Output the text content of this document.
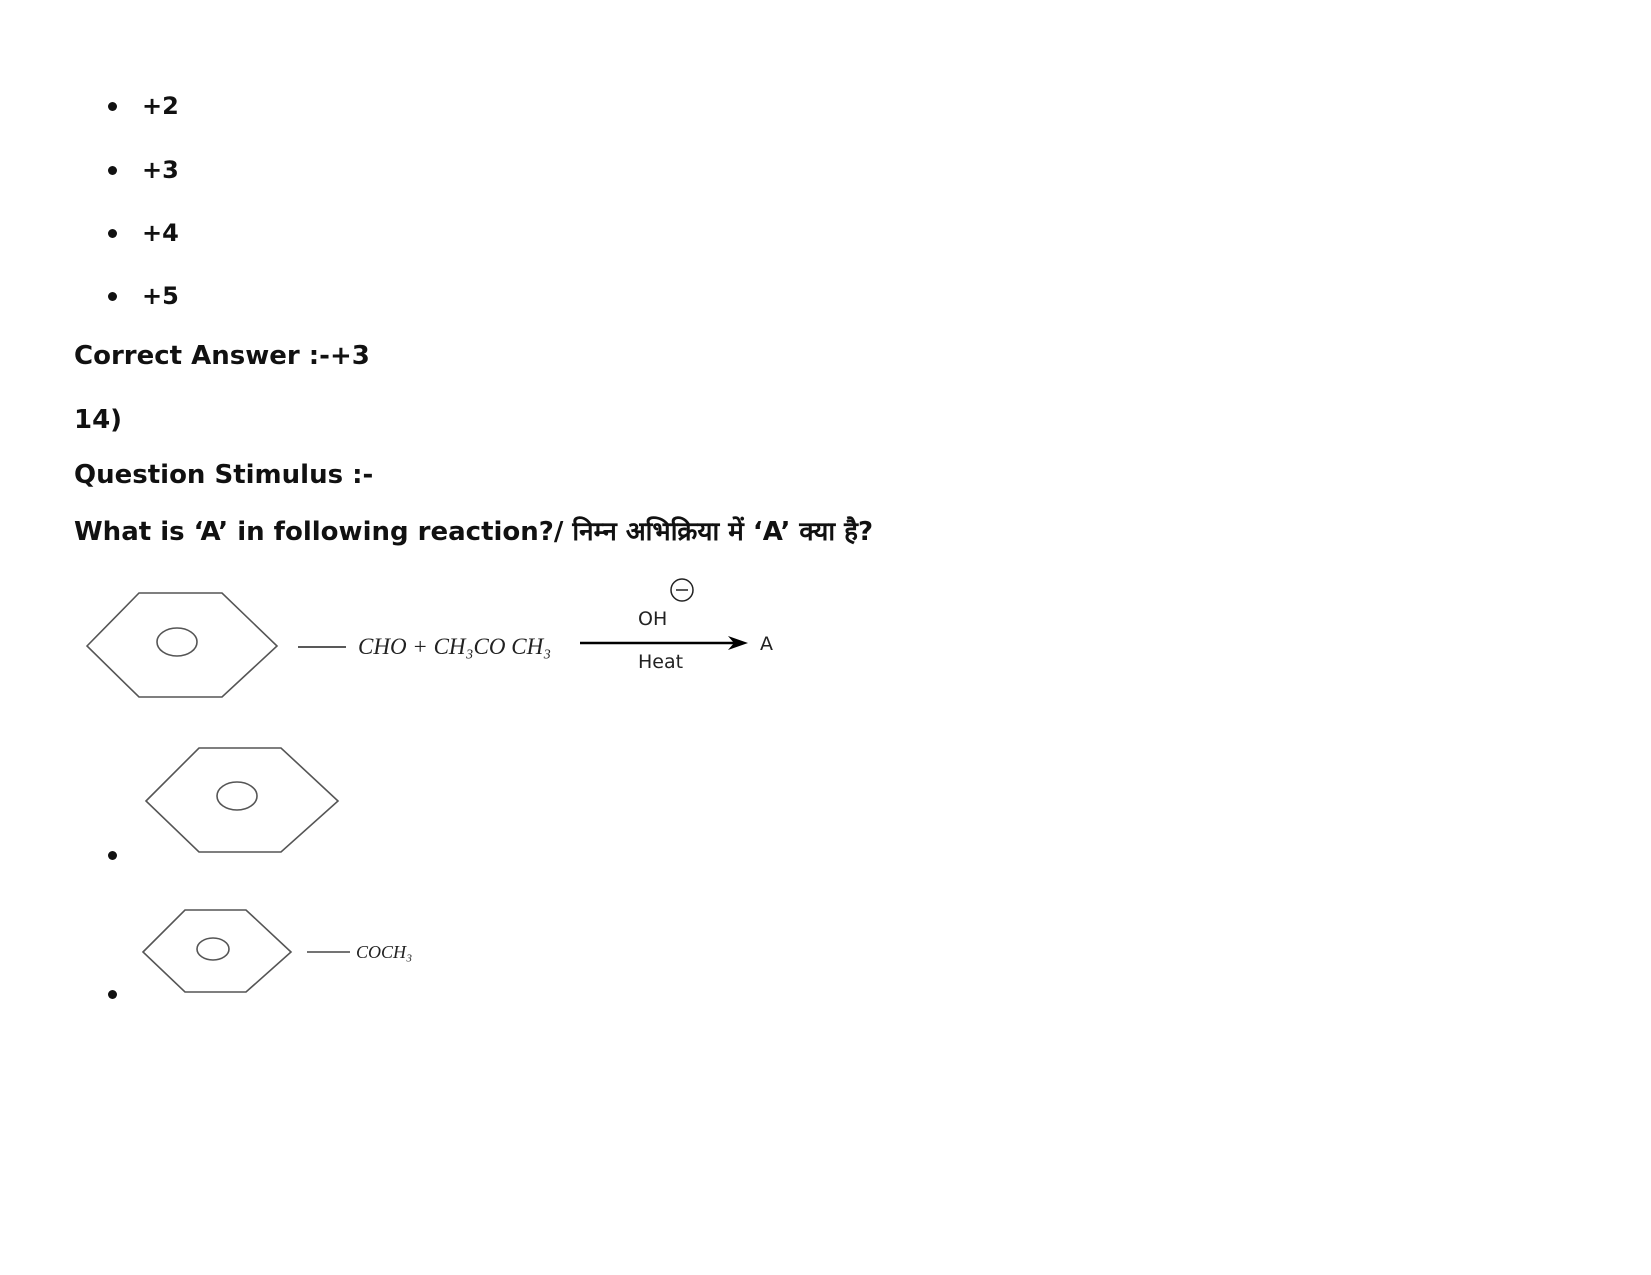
+2
+3
+4
+5
Correct Answer :-+3
14)
Question Stimulus :-
What is ‘A’ in following reaction?/ निम्न अभिक्रिया में ‘A’ क्या है?
CHO + CH₃CO CH₃
OH
Heat
A
COCH₃
